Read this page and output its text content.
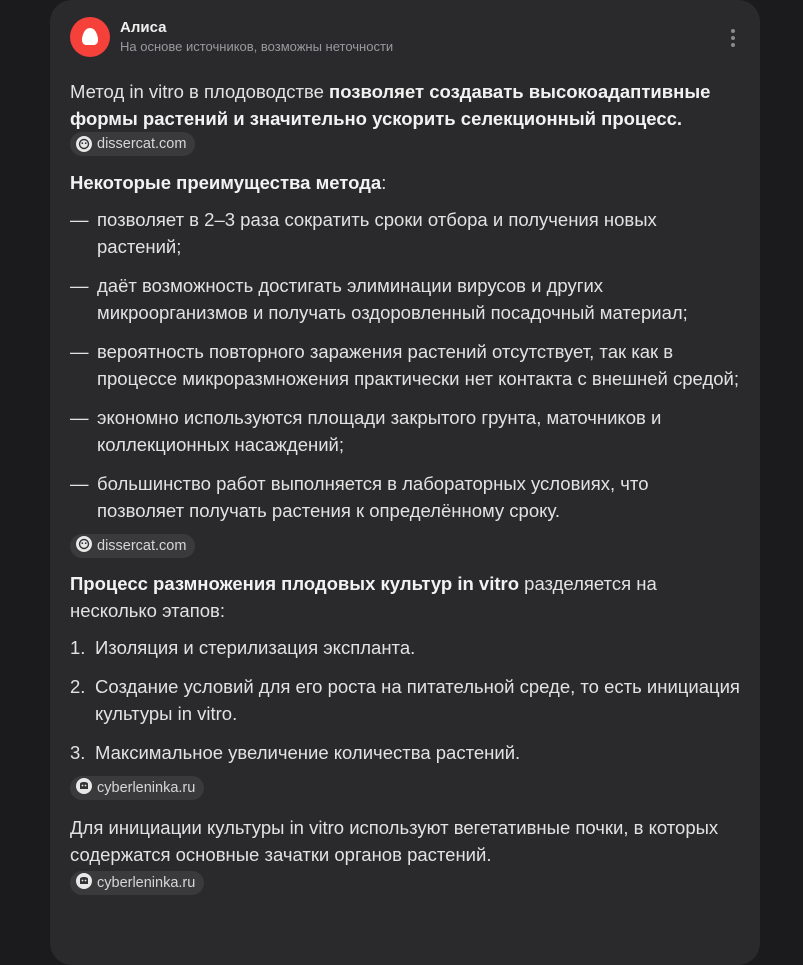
Алиса
На основе источников, возможны неточности

Метод in vitro в плодоводстве позволяет создавать высокоадаптивные формы растений и значительно ускорить селекционный процесс.
dissercat.com

Некоторые преимущества метода:

— позволяет в 2–3 раза сократить сроки отбора и получения новых растений;
— даёт возможность достигать элиминации вирусов и других микроорганизмов и получать оздоровленный посадочный материал;
— вероятность повторного заражения растений отсутствует, так как в процессе микроразмножения практически нет контакта с внешней средой;
— экономно используются площади закрытого грунта, маточников и коллекционных насаждений;
— большинство работ выполняется в лабораторных условиях, что позволяет получать растения к определённому сроку.
dissercat.com

Процесс размножения плодовых культур in vitro разделяется на несколько этапов:

1. Изоляция и стерилизация экспланта.
2. Создание условий для его роста на питательной среде, то есть инициация культуры in vitro.
3. Максимальное увеличение количества растений.
cyberleninka.ru

Для инициации культуры in vitro используют вегетативные почки, в которых содержатся основные зачатки органов растений.

cyberleninka.ru
